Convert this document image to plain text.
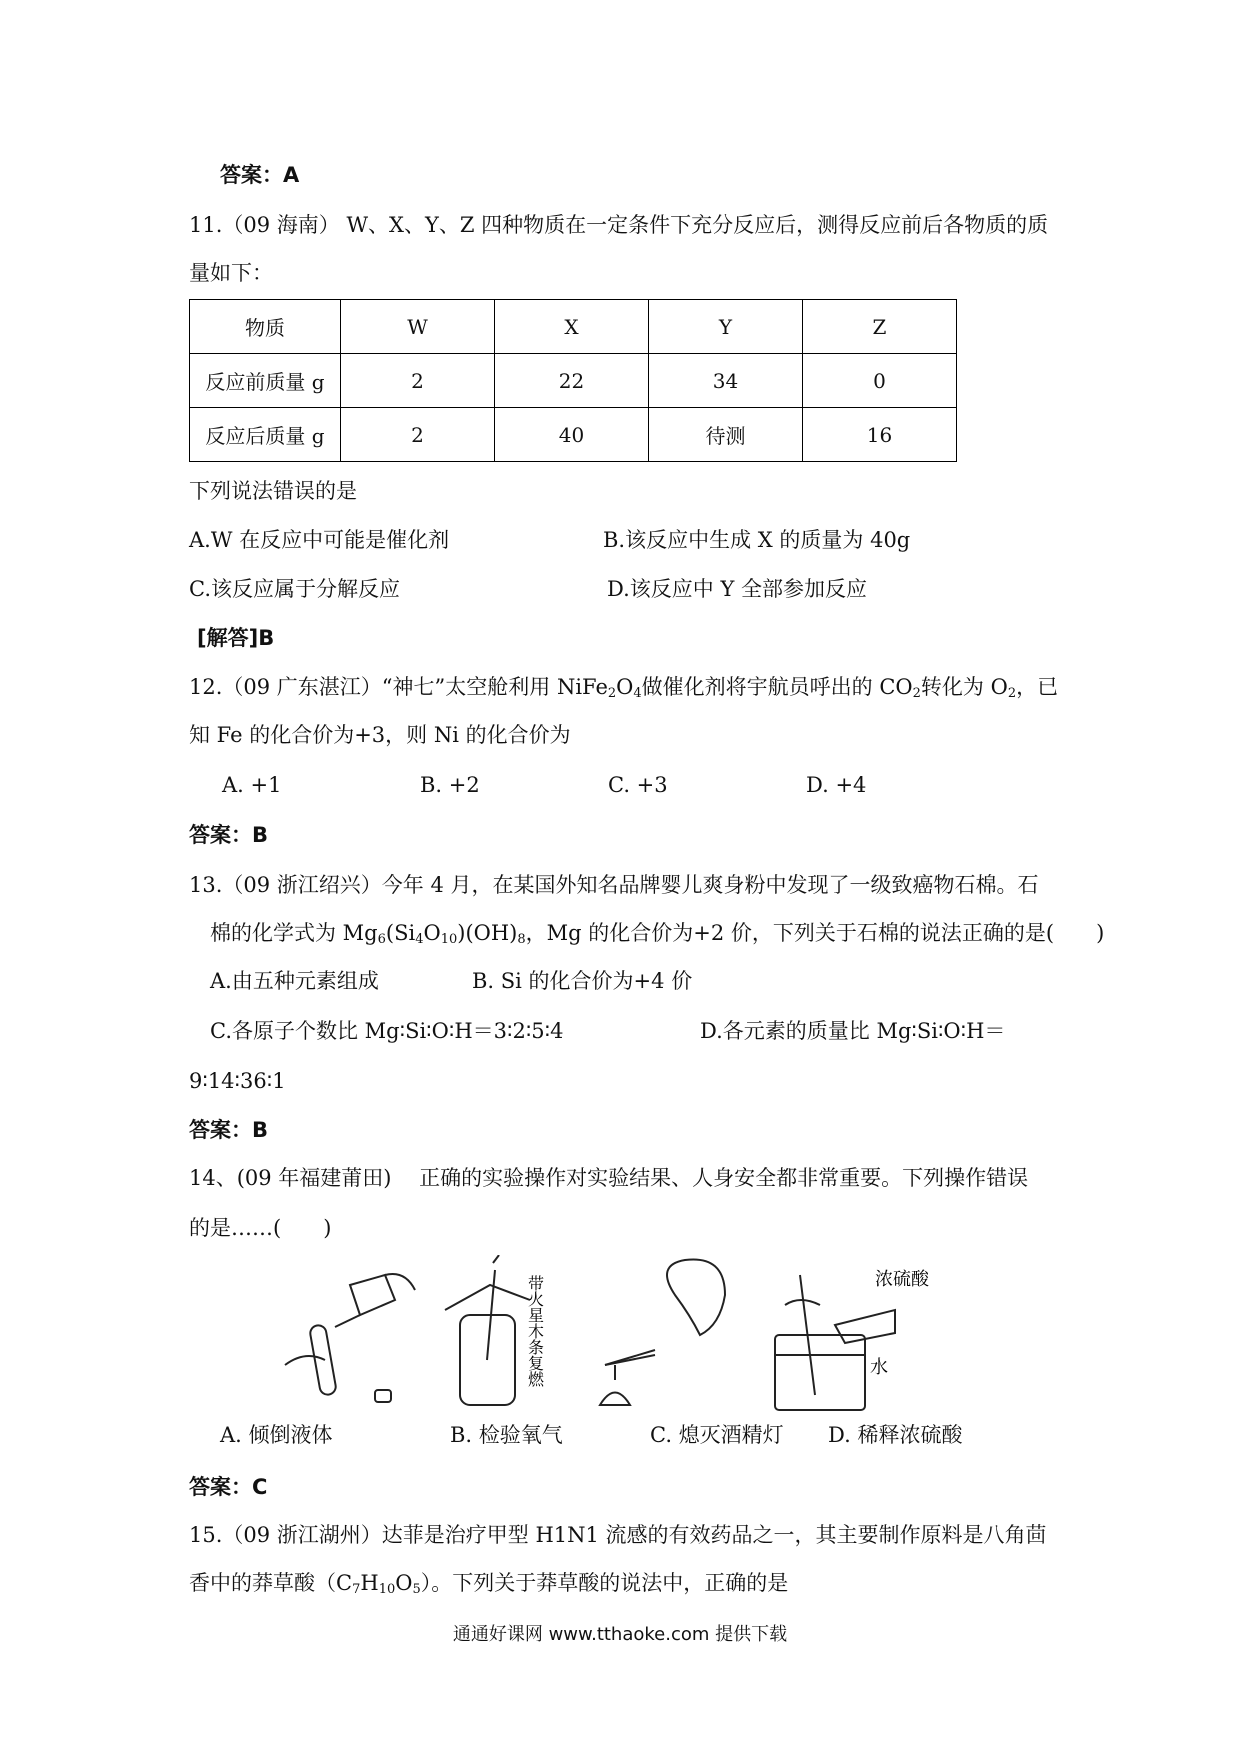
答案：A
11.（09 海南） W、X、Y、Z 四种物质在一定条件下充分反应后，测得反应前后各物质的质
量如下：
物质	W	X	Y	Z
反应前质量 g	2	22	34	0
反应后质量 g	2	40	待测	16
下列说法错误的是
A.W 在反应中可能是催化剂	B.该反应中生成 X 的质量为 40g
C.该反应属于分解反应	D.该反应中 Y 全部参加反应
[解答]B
12.（09 广东湛江）“神七”太空舱利用 $NiFe_2O_4$做催化剂将宇航员呼出的 $CO_2$转化为 $O_2$，已
知 Fe 的化合价为+3，则 Ni 的化合价为
A. +1	B. +2	C. +3	D. +4
答案：B
13.（09 浙江绍兴）今年 4 月，在某国外知名品牌婴儿爽身粉中发现了一级致癌物石棉。石
棉的化学式为 $Mg_6(Si_4O_{10})(OH)_8$，Mg 的化合价为+2 价，下列关于石棉的说法正确的是(　　)
A.由五种元素组成	B. Si 的化合价为+4 价
C.各原子个数比 Mg∶Si∶O∶H＝3∶2∶5∶4	D.各元素的质量比 Mg∶Si∶O∶H＝
9∶14∶36∶1
答案：B
14、(09 年福建莆田)　 正确的实验操作对实验结果、人身安全都非常重要。下列操作错误
的是……(　　)
带火星木条复燃	浓硫酸
水
A. 倾倒液体	B. 检验氧气	C. 熄灭酒精灯 D. 稀释浓硫酸
答案：C
15.（09 浙江湖州）达菲是治疗甲型 H1N1 流感的有效药品之一，其主要制作原料是八角茴
香中的莽草酸$(C_7H_{10}O_5)$。下列关于莽草酸的说法中，正确的是
通通好课网 www.tthaoke.com 提供下载
